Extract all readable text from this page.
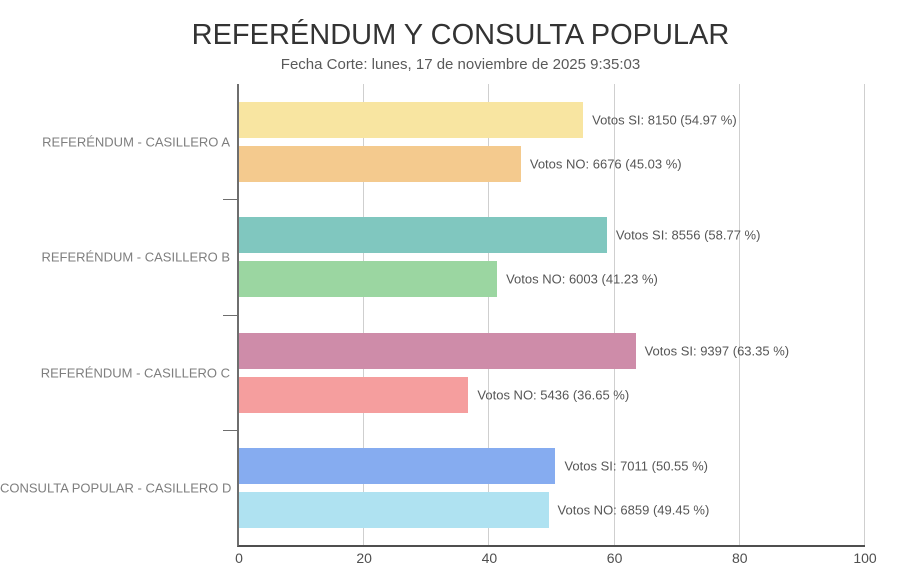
REFERÉNDUM Y CONSULTA POPULAR
Fecha Corte: lunes, 17 de noviembre de 2025 9:35:03
REFERÉNDUM - CASILLERO A
REFERÉNDUM - CASILLERO B
REFERÉNDUM - CASILLERO C
CONSULTA POPULAR - CASILLERO D
Votos SI: 8150 (54.97 %)
Votos NO: 6676 (45.03 %)
Votos SI: 8556 (58.77 %)
Votos NO: 6003 (41.23 %)
Votos SI: 9397 (63.35 %)
Votos NO: 5436 (36.65 %)
Votos SI: 7011 (50.55 %)
Votos NO: 6859 (49.45 %)
0	20	40	60	80	100
